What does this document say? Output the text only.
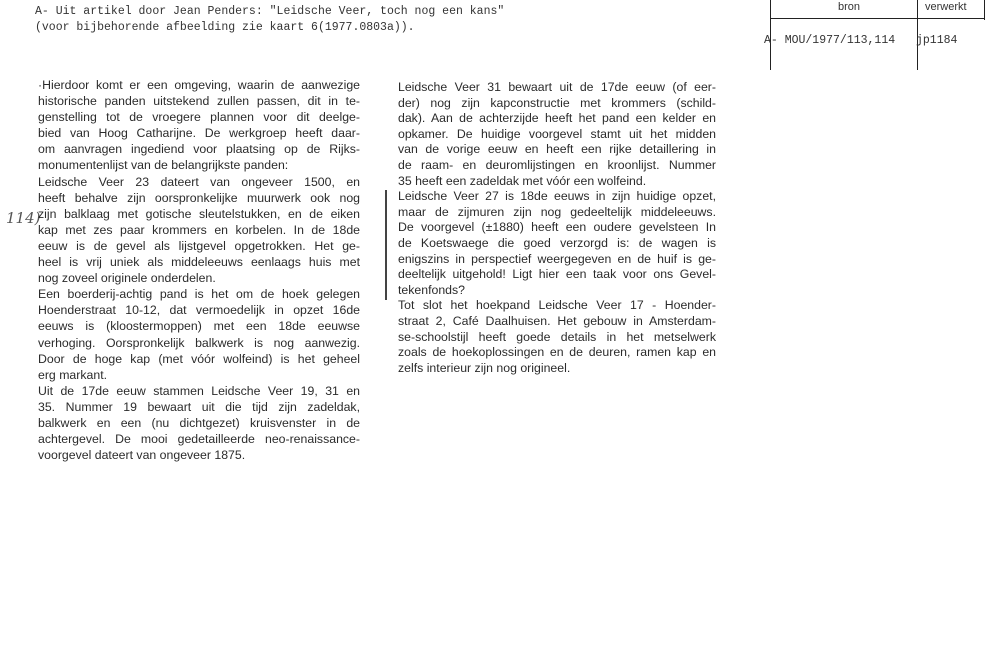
A- Uit artikel door Jean Penders: "Leidsche Veer, toch nog een kans"
(voor bijbehorende afbeelding zie kaart 6(1977.0803a)).
bron	verwerkt
A- MOU/1977/113,114 jp1184
114)
·Hierdoor komt er een omgeving, waarin de aanwezige
historische panden uitstekend zullen passen, dit in te-
genstelling tot de vroegere plannen voor dit deelge-
bied van Hoog Catharijne. De werkgroep heeft daar-
om aanvragen ingediend voor plaatsing op de Rijks-
monumentenlijst van de belangrijkste panden:
Leidsche Veer 23 dateert van ongeveer 1500, en
heeft behalve zijn oorspronkelijke muurwerk ook nog
zijn balklaag met gotische sleutelstukken, en de eiken
kap met zes paar krommers en korbelen. In de 18de
eeuw is de gevel als lijstgevel opgetrokken. Het ge-
heel is vrij uniek als middeleeuws eenlaags huis met
nog zoveel originele onderdelen.
Een boerderij-achtig pand is het om de hoek gelegen
Hoenderstraat 10-12, dat vermoedelijk in opzet 16de
eeuws is (kloostermoppen) met een 18de eeuwse
verhoging. Oorspronkelijk balkwerk is nog aanwezig.
Door de hoge kap (met vóór wolfeind) is het geheel
erg markant.
Uit de 17de eeuw stammen Leidsche Veer 19, 31 en
35. Nummer 19 bewaart uit die tijd zijn zadeldak,
balkwerk en een (nu dichtgezet) kruisvenster in de
achtergevel. De mooi gedetailleerde neo-renaissance-
voorgevel dateert van ongeveer 1875.
Leidsche Veer 31 bewaart uit de 17de eeuw (of eer-
der) nog zijn kapconstructie met krommers (schild-
dak). Aan de achterzijde heeft het pand een kelder en
opkamer. De huidige voorgevel stamt uit het midden
van de vorige eeuw en heeft een rijke detaillering in
de raam- en deuromlijstingen en kroonlijst. Nummer
35 heeft een zadeldak met vóór een wolfeind.
Leidsche Veer 27 is 18de eeuws in zijn huidige opzet,
maar de zijmuren zijn nog gedeeltelijk middeleeuws.
De voorgevel (±1880) heeft een oudere gevelsteen In
de Koetswaege die goed verzorgd is: de wagen is
enigszins in perspectief weergegeven en de huif is ge-
deeltelijk uitgehold! Ligt hier een taak voor ons Gevel-
tekenfonds?
Tot slot het hoekpand Leidsche Veer 17 - Hoender-
straat 2, Café Daalhuisen. Het gebouw in Amsterdam-
se-schoolstijl heeft goede details in het metselwerk
zoals de hoekoplossingen en de deuren, ramen kap en
zelfs interieur zijn nog origineel.
